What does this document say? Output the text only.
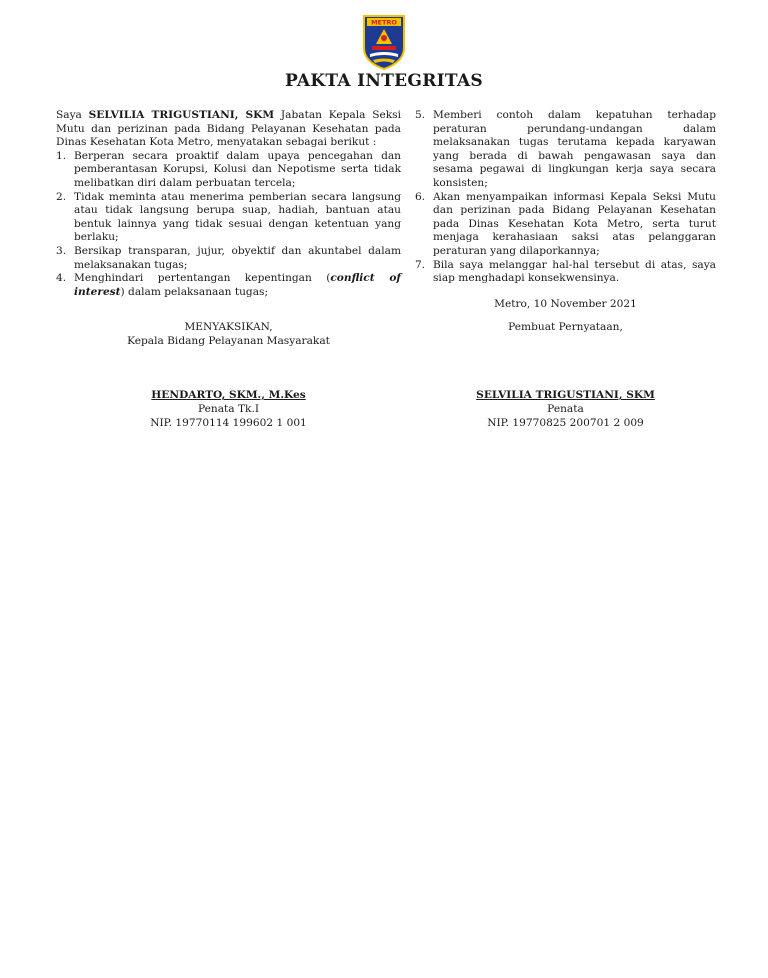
METRO
PAKTA INTEGRITAS

Saya SELVILIA TRIGUSTIANI, SKM Jabatan Kepala Seksi Mutu dan perizinan pada Bidang Pelayanan Kesehatan pada Dinas Kesehatan Kota Metro, menyatakan sebagai berikut :

1. Berperan secara proaktif dalam upaya pencegahan dan pemberantasan Korupsi, Kolusi dan Nepotisme serta tidak melibatkan diri dalam perbuatan tercela;
2. Tidak meminta atau menerima pemberian secara langsung atau tidak langsung berupa suap, hadiah, bantuan atau bentuk lainnya yang tidak sesuai dengan ketentuan yang berlaku;
3. Bersikap transparan, jujur, obyektif dan akuntabel dalam melaksanakan tugas;
4. Menghindari pertentangan kepentingan (conflict of interest) dalam pelaksanaan tugas;
5. Memberi contoh dalam kepatuhan terhadap peraturan perundang-undangan dalam melaksanakan tugas terutama kepada karyawan yang berada di bawah pengawasan saya dan sesama pegawai di lingkungan kerja saya secara konsisten;
6. Akan menyampaikan informasi Kepala Seksi Mutu dan perizinan pada Bidang Pelayanan Kesehatan pada Dinas Kesehatan Kota Metro, serta turut menjaga kerahasiaan saksi atas pelanggaran peraturan yang dilaporkannya;
7. Bila saya melanggar hal-hal tersebut di atas, saya siap menghadapi konsekwensinya.
Metro, 10 November 2021
Pembuat Pernyataan,
MENYAKSIKAN,
Kepala Bidang Pelayanan Masyarakat
HENDARTO, SKM., M.Kes
Penata Tk.I
NIP. 19770114 199602 1 001
SELVILIA TRIGUSTIANI, SKM
Penata
NIP. 19770825 200701 2 009
